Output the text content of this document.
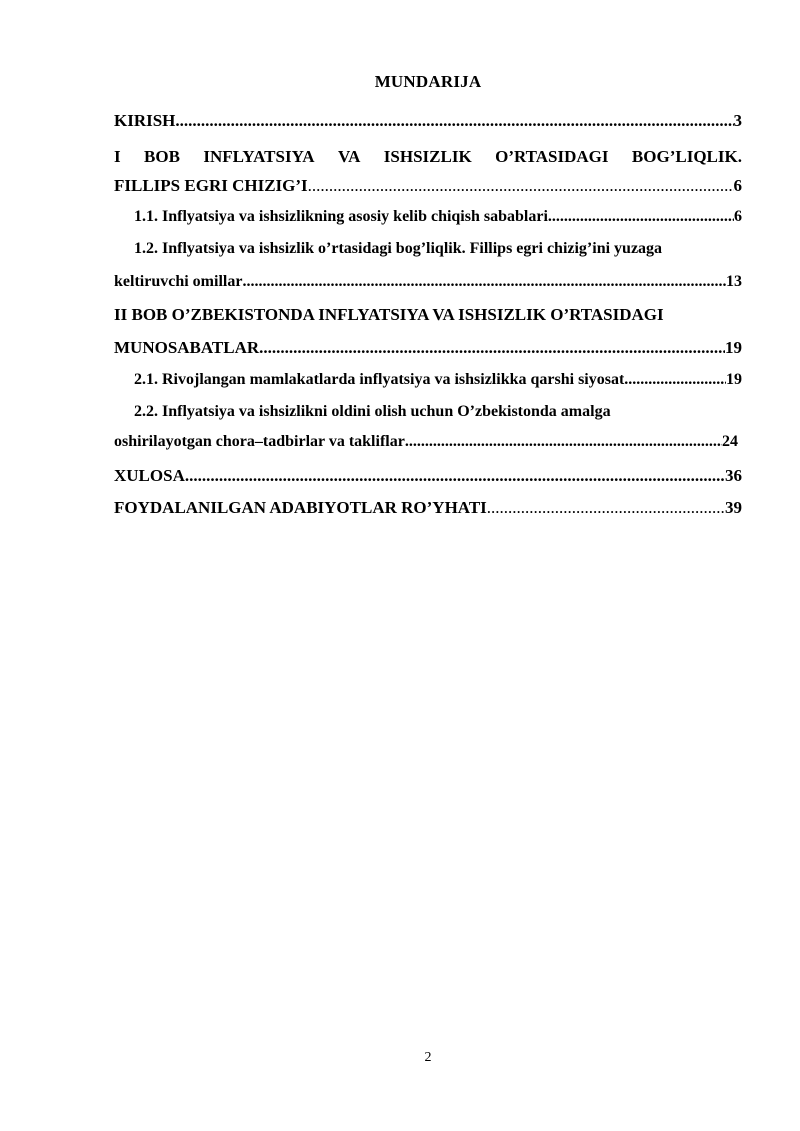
MUNDARIJA
KIRISH .....	3
I BOB INFLYATSIYA VA ISHSIZLIK O’RTASIDAGI BOG’LIQLIK.
FILLIPS EGRI CHIZIG’I .....	6
1.1. Inflyatsiya va ishsizlikning asosiy kelib chiqish sabablari .....	6
1.2. Inflyatsiya va ishsizlik o’rtasidagi bog’liqlik. Fillips egri chizig’ini yuzaga
keltiruvchi omillar .....	13
II BOB O’ZBEKISTONDA INFLYATSIYA VA ISHSIZLIK O’RTASIDAGI
MUNOSABATLAR .....	19
2.1. Rivojlangan mamlakatlarda inflyatsiya va ishsizlikka qarshi siyosat .....	19
2.2. Inflyatsiya va ishsizlikni oldini olish uchun O’zbekistonda amalga
oshirilayotgan chora–tadbirlar va takliflar .....	24
XULOSA .....	36
FOYDALANILGAN ADABIYOTLAR RO’YHATI .....	39
2
